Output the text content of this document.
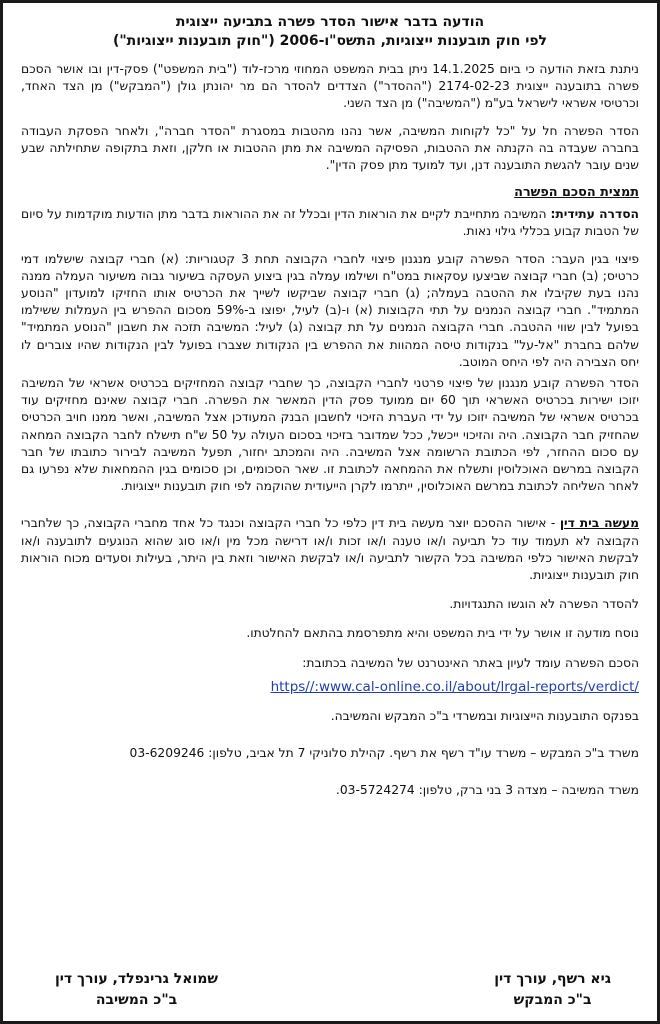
הודעה בדבר אישור הסדר פשרה בתביעה ייצוגית
לפי חוק תובענות ייצוגיות, התשס"ו-2006 ("חוק תובענות ייצוגיות")

ניתנת בזאת הודעה כי ביום 14.1.2025 ניתן בבית המשפט המחוזי מרכז-לוד ("בית המשפט") פסק-דין ובו אושר הסכם פשרה בתובענה ייצוגית 2174-02-23 ("ההסדר") הצדדים להסדר הם מר יהונתן גולן ("המבקש") מן הצד האחד, וכרטיסי אשראי לישראל בע"מ ("המשיבה") מן הצד השני.

הסדר הפשרה חל על "כל לקוחות המשיבה, אשר נהנו מהטבות במסגרת "הסדר חברה", ולאחר הפסקת העבודה בחברה שעבדה בה הקנתה את ההטבות, הפסיקה המשיבה את מתן ההטבות או חלקן, וזאת בתקופה שתחילתה שבע שנים עובר להגשת התובענה דנן, ועד למועד מתן פסק הדין".

תמצית הסכם הפשרה

הסדרה עתידית: המשיבה מתחייבת לקיים את הוראות הדין ובכלל זה את ההוראות בדבר מתן הודעות מוקדמות על סיום של הטבות קבוע בכללי גילוי נאות.

פיצוי בגין העבר: הסדר הפשרה קובע מנגנון פיצוי לחברי הקבוצה תחת 3 קטגוריות: (א) חברי קבוצה שישלמו דמי כרטיס; (ב) חברי קבוצה שביצעו עסקאות במט"ח ושילמו עמלה בגין ביצוע העסקה בשיעור גבוה משיעור העמלה ממנה נהנו בעת שקיבלו את ההטבה בעמלה; (ג) חברי קבוצה שביקשו לשייך את הכרטיס אותו החזיקו למועדון "הנוסע המתמיד". חברי קבוצה הנמנים על תתי הקבוצות (א) ו-(ב) לעיל, יפוצו ב-59% מסכום ההפרש בין העמלות ששילמו בפועל לבין שווי ההטבה. חברי הקבוצה הנמנים על תת קבוצה (ג) לעיל: המשיבה תזכה את חשבון "הנוסע המתמיד" שלהם בחברת "אל-על" בנקודות טיסה המהוות את ההפרש בין הנקודות שצברו בפועל לבין הנקודות שהיו צוברים לו יחס הצבירה היה לפי היחס המוטב.

הסדר הפשרה קובע מנגנון של פיצוי פרטני לחברי הקבוצה, כך שחברי קבוצה המחזיקים בכרטיס אשראי של המשיבה יזוכו ישירות בכרטיס האשראי תוך 60 יום ממועד פסק הדין המאשר את הפשרה. חברי קבוצה שאינם מחזיקים עוד בכרטיס אשראי של המשיבה יזוכו על ידי העברת הזיכוי לחשבון הבנק המעודכן אצל המשיבה, ואשר ממנו חויב הכרטיס שהחזיק חבר הקבוצה. היה והזיכוי ייכשל, ככל שמדובר בזיכוי בסכום העולה על 50 ש"ח תישלח לחבר הקבוצה המחאה עם סכום ההחזר, לפי הכתובת הרשומה אצל המשיבה. היה והמכתב יחזור, תפעל המשיבה לבירור כתובתו של חבר הקבוצה במרשם האוכלוסין ותשלח את ההמחאה לכתובת זו. שאר הסכומים, וכן סכומים בגין ההמחאות שלא נפרעו גם לאחר השליחה לכתובת במרשם האוכלוסין, ייתרמו לקרן הייעודית שהוקמה לפי חוק תובענות ייצוגיות.

מעשה בית דין - אישור ההסכם יוצר מעשה בית דין כלפי כל חברי הקבוצה וכנגד כל אחד מחברי הקבוצה, כך שלחברי הקבוצה לא תעמוד עוד כל תביעה ו/או טענה ו/או זכות ו/או דרישה מכל מין ו/או סוג שהוא הנוגעים לתובענה ו/או לבקשת האישור כלפי המשיבה בכל הקשור לתביעה ו/או לבקשת האישור וזאת בין היתר, בעילות וסעדים מכוח הוראות חוק תובענות ייצוגיות.

להסדר הפשרה לא הוגשו התנגדויות.

נוסח מודעה זו אושר על ידי בית המשפט והיא מתפרסמת בהתאם להחלטתו.

הסכם הפשרה עומד לעיון באתר האינטרנט של המשיבה בכתובת:

https//:www.cal-online.co.il/about/lrgal-reports/verdict/

בפנקס התובענות הייצוגיות ובמשרדי ב"כ המבקש והמשיבה.

משרד ב"כ המבקש – משרד עו"ד רשף את רשף. קהילת סלוניקי 7 תל אביב, טלפון: 03-6209246

משרד המשיבה – מצדה 3 בני ברק, טלפון: 03-5724274.

גיא רשף, עורך דין
ב"כ המבקש
שמואל גרינפלד, עורך דין
ב"כ המשיבה
